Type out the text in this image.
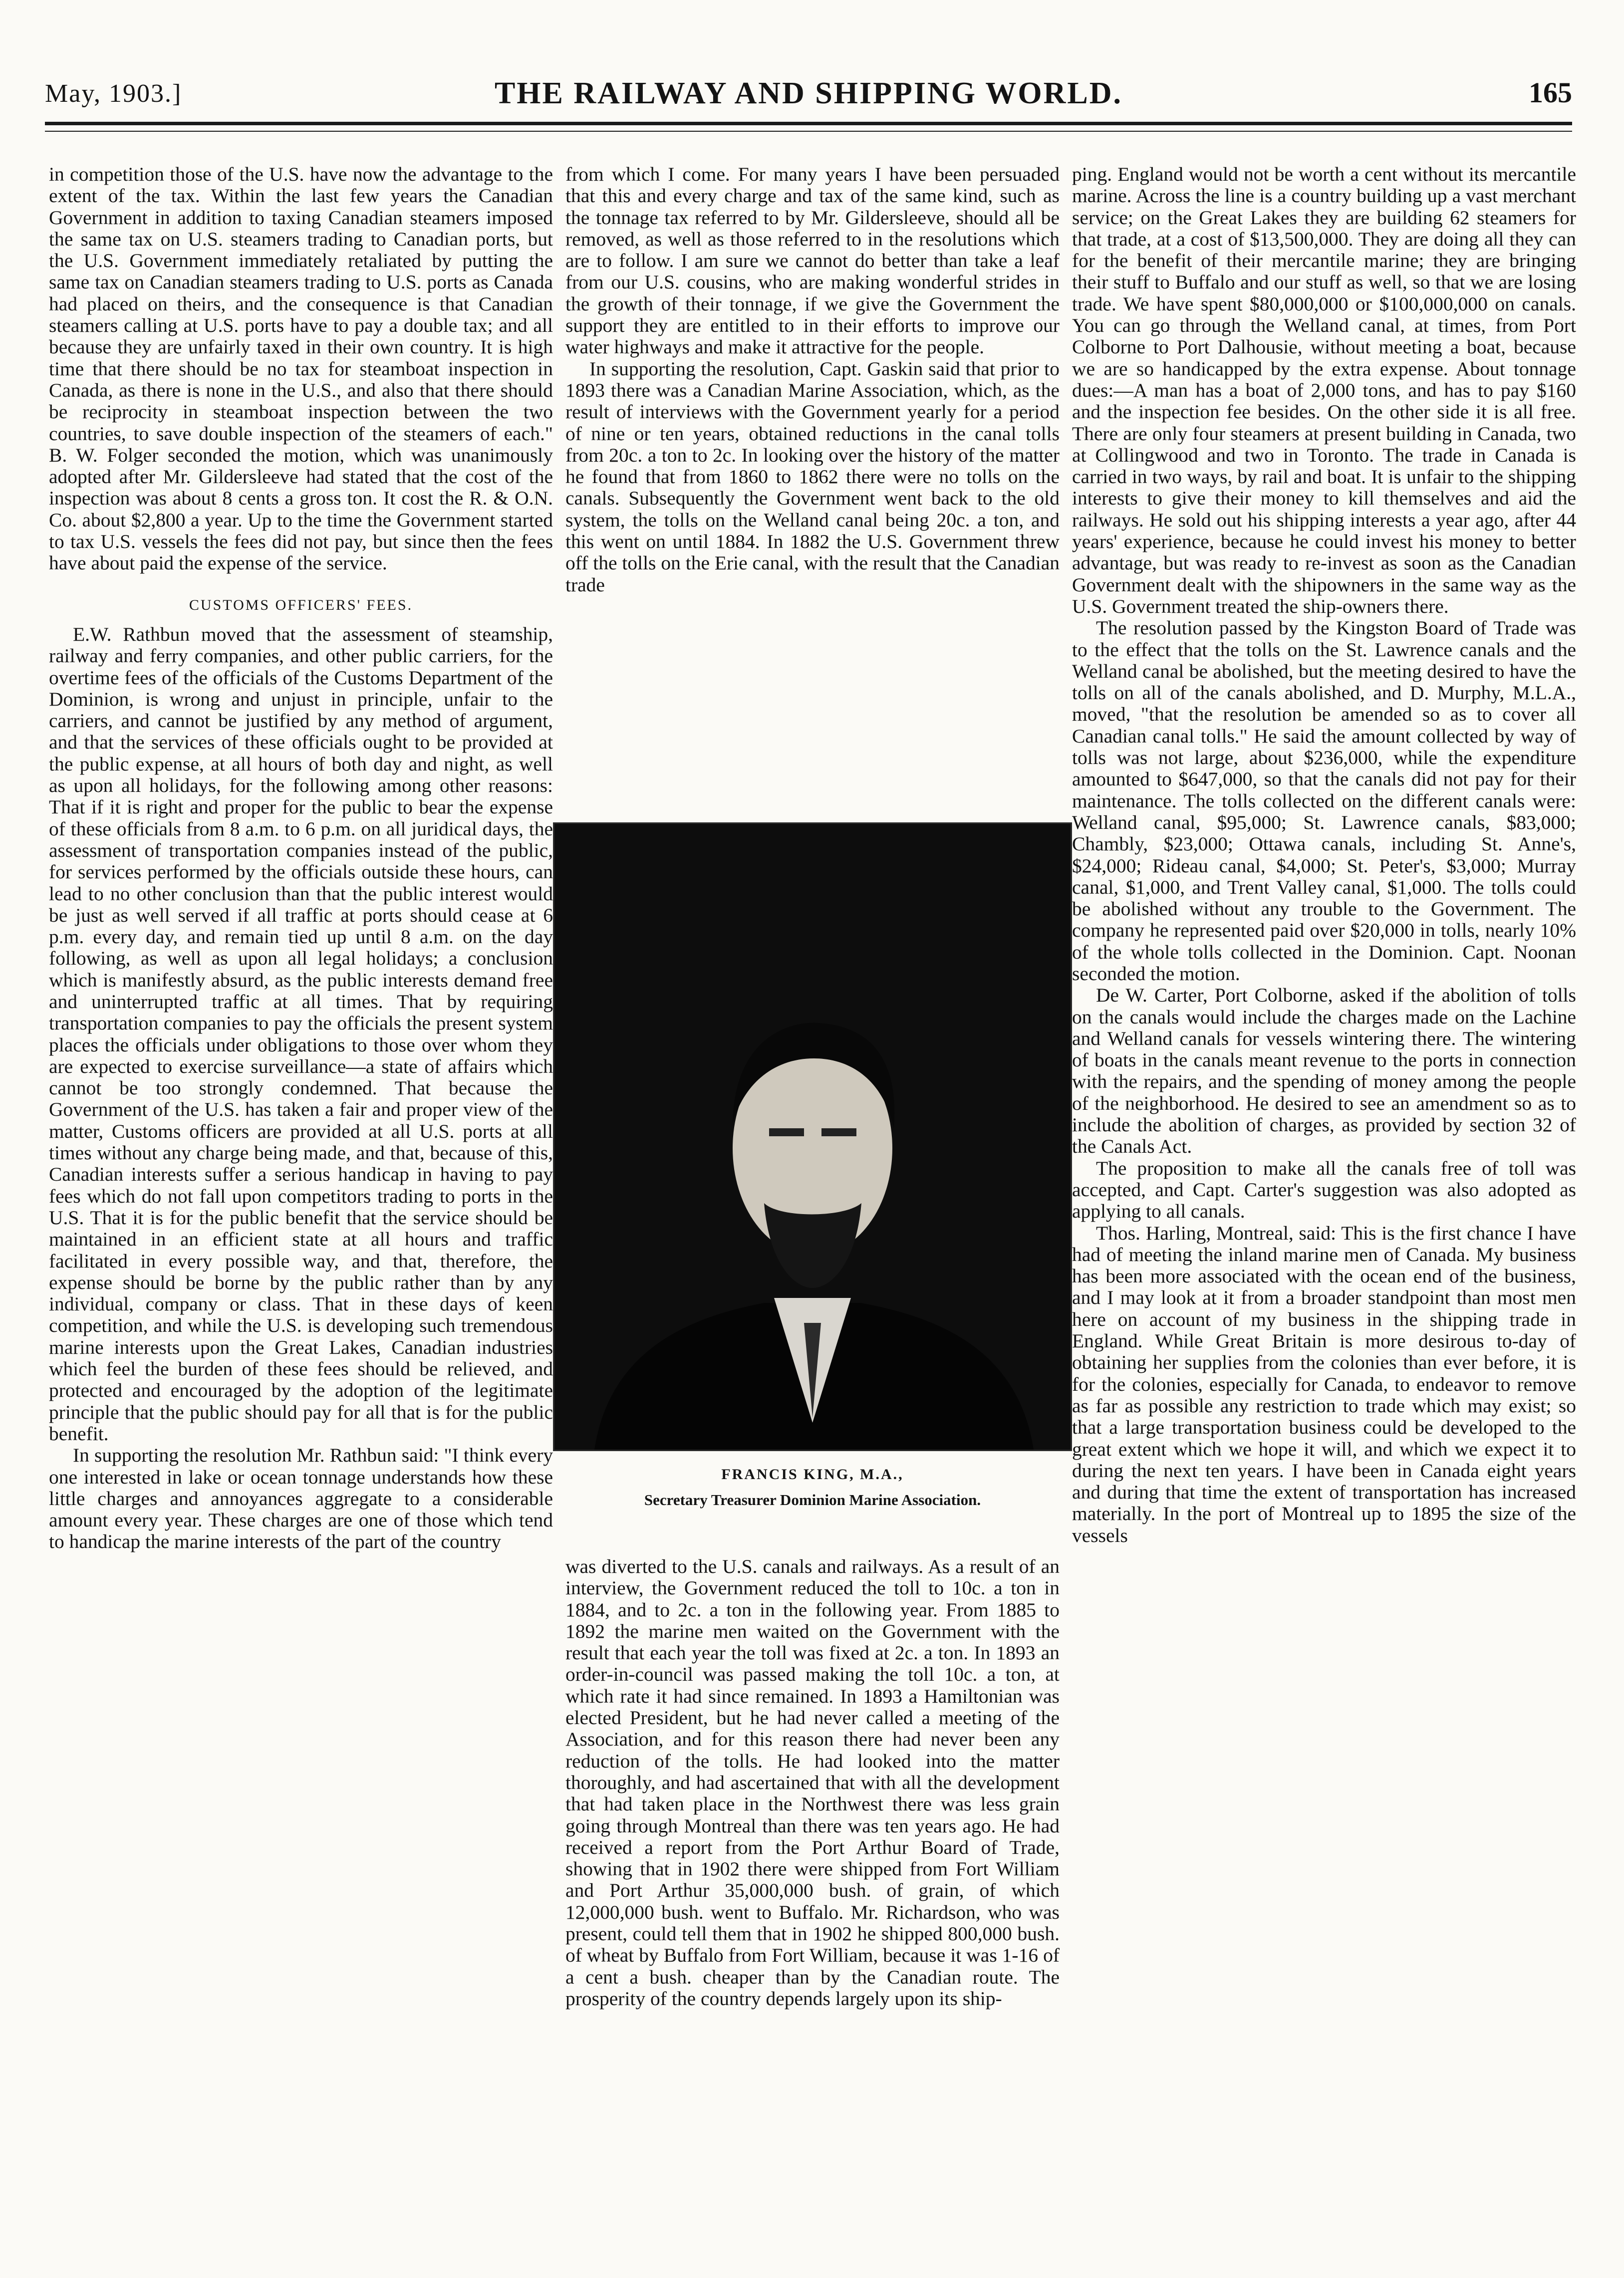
May, 1903.]	THE RAILWAY AND SHIPPING WORLD.	165

in competition those of the U.S. have now the advantage to the extent of the tax. Within the last few years the Canadian Government in addition to taxing Canadian steamers imposed the same tax on U.S. steamers trading to Canadian ports, but the U.S. Government immediately retaliated by putting the same tax on Canadian steamers trading to U.S. ports as Canada had placed on theirs, and the consequence is that Canadian steamers calling at U.S. ports have to pay a double tax; and all because they are unfairly taxed in their own country. It is high time that there should be no tax for steamboat inspection in Canada, as there is none in the U.S., and also that there should be reciprocity in steamboat inspection between the two countries, to save double inspection of the steamers of each." B. W. Folger seconded the motion, which was unanimously adopted after Mr. Gildersleeve had stated that the cost of the inspection was about 8 cents a gross ton. It cost the R. & O.N. Co. about $2,800 a year. Up to the time the Government started to tax U.S. vessels the fees did not pay, but since then the fees have about paid the expense of the service.

CUSTOMS OFFICERS' FEES.

E.W. Rathbun moved that the assessment of steamship, railway and ferry companies, and other public carriers, for the overtime fees of the officials of the Customs Department of the Dominion, is wrong and unjust in principle, unfair to the carriers, and cannot be justified by any method of argument, and that the services of these officials ought to be provided at the public expense, at all hours of both day and night, as well as upon all holidays, for the following among other reasons: That if it is right and proper for the public to bear the expense of these officials from 8 a.m. to 6 p.m. on all juridical days, the assessment of transportation companies instead of the public, for services performed by the officials outside these hours, can lead to no other conclusion than that the public interest would be just as well served if all traffic at ports should cease at 6 p.m. every day, and remain tied up until 8 a.m. on the day following, as well as upon all legal holidays; a conclusion which is manifestly absurd, as the public interests demand free and uninterrupted traffic at all times. That by requiring transportation companies to pay the officials the present system places the officials under obligations to those over whom they are expected to exercise surveillance—a state of affairs which cannot be too strongly condemned. That because the Government of the U.S. has taken a fair and proper view of the matter, Customs officers are provided at all U.S. ports at all times without any charge being made, and that, because of this, Canadian interests suffer a serious handicap in having to pay fees which do not fall upon competitors trading to ports in the U.S. That it is for the public benefit that the service should be maintained in an efficient state at all hours and traffic facilitated in every possible way, and that, therefore, the expense should be borne by the public rather than by any individual, company or class. That in these days of keen competition, and while the U.S. is developing such tremendous marine interests upon the Great Lakes, Canadian industries which feel the burden of these fees should be relieved, and protected and encouraged by the adoption of the legitimate principle that the public should pay for all that is for the public benefit.

In supporting the resolution Mr. Rathbun said: "I think every one interested in lake or ocean tonnage understands how these little charges and annoyances aggregate to a considerable amount every year. These charges are one of those which tend to handicap the marine interests of the part of the country

from which I come. For many years I have been persuaded that this and every charge and tax of the same kind, such as the tonnage tax referred to by Mr. Gildersleeve, should all be removed, as well as those referred to in the resolutions which are to follow. I am sure we cannot do better than take a leaf from our U.S. cousins, who are making wonderful strides in the growth of their tonnage, if we give the Government the support they are entitled to in their efforts to improve our water highways and make it attractive for the people.

In supporting the resolution, Capt. Gaskin said that prior to 1893 there was a Canadian Marine Association, which, as the result of interviews with the Government yearly for a period of nine or ten years, obtained reductions in the canal tolls from 20c. a ton to 2c. In looking over the history of the matter he found that from 1860 to 1862 there were no tolls on the canals. Subsequently the Government went back to the old system, the tolls on the Welland canal being 20c. a ton, and this went on until 1884. In 1882 the U.S. Government threw off the tolls on the Erie canal, with the result that the Canadian trade

FRANCIS KING, M.A.,
Secretary Treasurer Dominion Marine Association.

was diverted to the U.S. canals and railways. As a result of an interview, the Government reduced the toll to 10c. a ton in 1884, and to 2c. a ton in the following year. From 1885 to 1892 the marine men waited on the Government with the result that each year the toll was fixed at 2c. a ton. In 1893 an order-in-council was passed making the toll 10c. a ton, at which rate it had since remained. In 1893 a Hamiltonian was elected President, but he had never called a meeting of the Association, and for this reason there had never been any reduction of the tolls. He had looked into the matter thoroughly, and had ascertained that with all the development that had taken place in the Northwest there was less grain going through Montreal than there was ten years ago. He had received a report from the Port Arthur Board of Trade, showing that in 1902 there were shipped from Fort William and Port Arthur 35,000,000 bush. of grain, of which 12,000,000 bush. went to Buffalo. Mr. Richardson, who was present, could tell them that in 1902 he shipped 800,000 bush. of wheat by Buffalo from Fort William, because it was 1-16 of a cent a bush. cheaper than by the Canadian route. The prosperity of the country depends largely upon its ship-

ping. England would not be worth a cent without its mercantile marine. Across the line is a country building up a vast merchant service; on the Great Lakes they are building 62 steamers for that trade, at a cost of $13,500,000. They are doing all they can for the benefit of their mercantile marine; they are bringing their stuff to Buffalo and our stuff as well, so that we are losing trade. We have spent $80,000,000 or $100,000,000 on canals. You can go through the Welland canal, at times, from Port Colborne to Port Dalhousie, without meeting a boat, because we are so handicapped by the extra expense. About tonnage dues:—A man has a boat of 2,000 tons, and has to pay $160 and the inspection fee besides. On the other side it is all free. There are only four steamers at present building in Canada, two at Collingwood and two in Toronto. The trade in Canada is carried in two ways, by rail and boat. It is unfair to the shipping interests to give their money to kill themselves and aid the railways. He sold out his shipping interests a year ago, after 44 years' experience, because he could invest his money to better advantage, but was ready to re-invest as soon as the Canadian Government dealt with the shipowners in the same way as the U.S. Government treated the ship-owners there.

The resolution passed by the Kingston Board of Trade was to the effect that the tolls on the St. Lawrence canals and the Welland canal be abolished, but the meeting desired to have the tolls on all of the canals abolished, and D. Murphy, M.L.A., moved, "that the resolution be amended so as to cover all Canadian canal tolls." He said the amount collected by way of tolls was not large, about $236,000, while the expenditure amounted to $647,000, so that the canals did not pay for their maintenance. The tolls collected on the different canals were: Welland canal, $95,000; St. Lawrence canals, $83,000; Chambly, $23,000; Ottawa canals, including St. Anne's, $24,000; Rideau canal, $4,000; St. Peter's, $3,000; Murray canal, $1,000, and Trent Valley canal, $1,000. The tolls could be abolished without any trouble to the Government. The company he represented paid over $20,000 in tolls, nearly 10% of the whole tolls collected in the Dominion. Capt. Noonan seconded the motion.

De W. Carter, Port Colborne, asked if the abolition of tolls on the canals would include the charges made on the Lachine and Welland canals for vessels wintering there. The wintering of boats in the canals meant revenue to the ports in connection with the repairs, and the spending of money among the people of the neighborhood. He desired to see an amendment so as to include the abolition of charges, as provided by section 32 of the Canals Act.

The proposition to make all the canals free of toll was accepted, and Capt. Carter's suggestion was also adopted as applying to all canals.

Thos. Harling, Montreal, said: This is the first chance I have had of meeting the inland marine men of Canada. My business has been more associated with the ocean end of the business, and I may look at it from a broader standpoint than most men here on account of my business in the shipping trade in England. While Great Britain is more desirous to-day of obtaining her supplies from the colonies than ever before, it is for the colonies, especially for Canada, to endeavor to remove as far as possible any restriction to trade which may exist; so that a large transportation business could be developed to the great extent which we hope it will, and which we expect it to during the next ten years. I have been in Canada eight years and during that time the extent of transportation has increased materially. In the port of Montreal up to 1895 the size of the vessels
